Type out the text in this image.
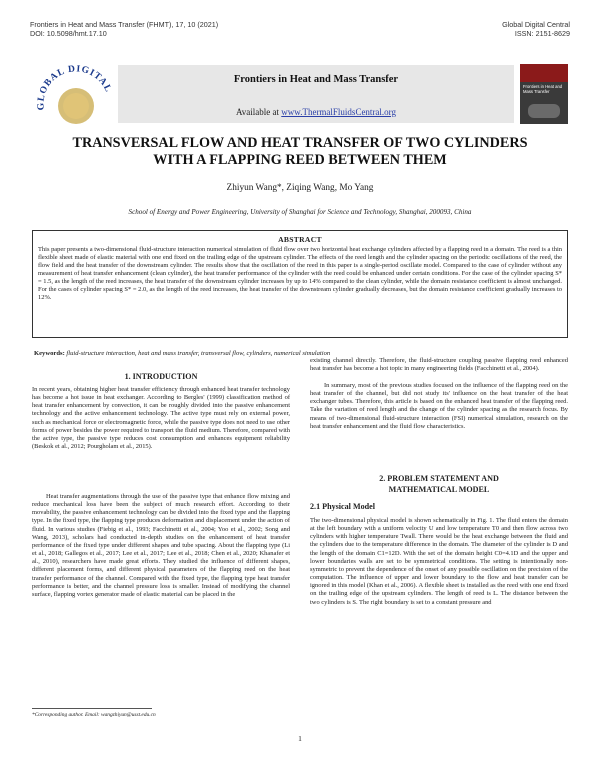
Frontiers in Heat and Mass Transfer (FHMT), 17, 10 (2021)
DOI: 10.5098/hmt.17.10
Global Digital Central
ISSN: 2151-8629
GLOBAL DIGITAL
Frontiers in Heat and Mass Transfer
Available at www.ThermalFluidsCentral.org
Frontiers in Heat and Mass Transfer
TRANSVERSAL FLOW AND HEAT TRANSFER OF TWO CYLINDERS
WITH A FLAPPING REED BETWEEN THEM
Zhiyun Wang*, Ziqing Wang, Mo Yang
School of Energy and Power Engineering, University of Shanghai for Science and Technology, Shanghai, 200093, China
ABSTRACT
This paper presents a two-dimensional fluid-structure interaction numerical simulation of fluid flow over two horizontal heat exchange cylinders affected by a flapping reed in a domain. The reed is a thin flexible sheet made of elastic material with one end fixed on the trailing edge of the upstream cylinder. The effects of the reed length and the cylinder spacing on the periodic oscillations of the reed, the flow field and the heat transfer of the downstream cylinder. The results show that the oscillation of the reed in this paper is a single-period oscillate model. Compared to the case of cylinder without any measurement of heat transfer enhancement (clean cylinder), the heat transfer performance of the cylinder with the reed could be enhanced under certain conditions. For the case of the cylinder spacing S* = 1.5, as the length of the reed increases, the heat transfer of the downstream cylinder increases by up to 14% compared to the clean cylinder, while the domain resistance coefficient is almost unchanged. For the cases of cylinder spacing S* = 2.0, as the length of the reed increases, the heat transfer of the downstream cylinder gradually decreases, but the domain resistance coefficient gradually increases to 12%.
Keywords: fluid-structure interaction, heat and mass transfer, transversal flow, cylinders, numerical simulation
1. INTRODUCTION
In recent years, obtaining higher heat transfer efficiency through enhanced heat transfer technology has become a hot issue in heat exchanger. According to Bergles' (1999) classification method of heat transfer enhancement by convection, it can be roughly divided into the passive enhancement technology and the active enhancement technology. The active type must rely on external power, such as mechanical force or electromagnetic force, while the passive type does not need to use other forms of power besides the power required to transport the fluid medium. Therefore, compared with the active type, the passive type reduces cost consumption and enhances equipment reliability (Beskok et al., 2012; Pourgholam et al., 2015).
Heat transfer augmentations through the use of the passive type that enhance flow mixing and reduce mechanical loss have been the subject of much research effort. According to their movability, the passive enhancement technology can be divided into the fixed type and the flapping type. In the fixed type, the flapping type produces deformation and displacement under the action of fluid. In various studies (Fiebig et al., 1993; Facchinetti et al., 2004; Yoo et al., 2002; Song and Wang, 2013), scholars had conducted in-depth studies on the enhancement of heat transfer performance of the fixed type under different shapes and tube spacing. About the flapping type (Li et al., 2018; Gallegos et al., 2017; Lee et al., 2017; Lee et al., 2018; Chen et al., 2020; Khanafer et al., 2010), researchers have made great efforts. They studied the influence of different shapes, different placement forms, and different physical parameters of the flapping reed on the heat transfer performance of the channel. Compared with the fixed type, the flapping type heat transfer performance is better, and the channel pressure loss is smaller. Instead of modifying the channel surface, flapping vortex generator made of elastic material can be placed in the
existing channel directly. Therefore, the fluid-structure coupling passive flapping reed enhanced heat transfer has become a hot topic in many engineering fields (Facchinetti et al., 2004).
In summary, most of the previous studies focused on the influence of the flapping reed on the heat transfer of the channel, but did not study its' influence on the heat transfer of the heat exchanger tubes. Therefore, this article is based on the enhanced heat transfer of the flapping reed. Take the variation of reed length and the change of the cylinder spacing as the research focus. By means of two-dimensional fluid-structure interaction (FSI) numerical simulation, research on the heat transfer enhancement and the fluid flow characteristics.
2. PROBLEM STATEMENT AND
MATHEMATICAL MODEL
2.1 Physical Model
The two-dimensional physical model is shown schematically in Fig. 1. The fluid enters the domain at the left boundary with a uniform velocity U and low temperature T0 and then flow across two cylinders with higher temperature Twall. There would be the heat exchange between the fluid and the cylinders due to the temperature difference in the domain. The diameter of the cylinder is D and the length of the domain C1=12D. With the set of the domain height C0=4.1D and the upper and lower boundaries walls are set to be symmetrical conditions. The setting is intentionally non-symmetric to prevent the dependence of the onset of any possible oscillation on the precision of the computation. The influence of upper and lower boundary to the flow and heat transfer can be ignored in this model (Khan et al., 2006). A flexible sheet is installed as the reed with one end fixed on the trailing edge of the upstream cylinders. The length of reed is L. The distance between the two cylinders is S. The right boundary is set to a constant pressure and
*Corresponding author. Email: wangzhiyun@usst.edu.cn
1
